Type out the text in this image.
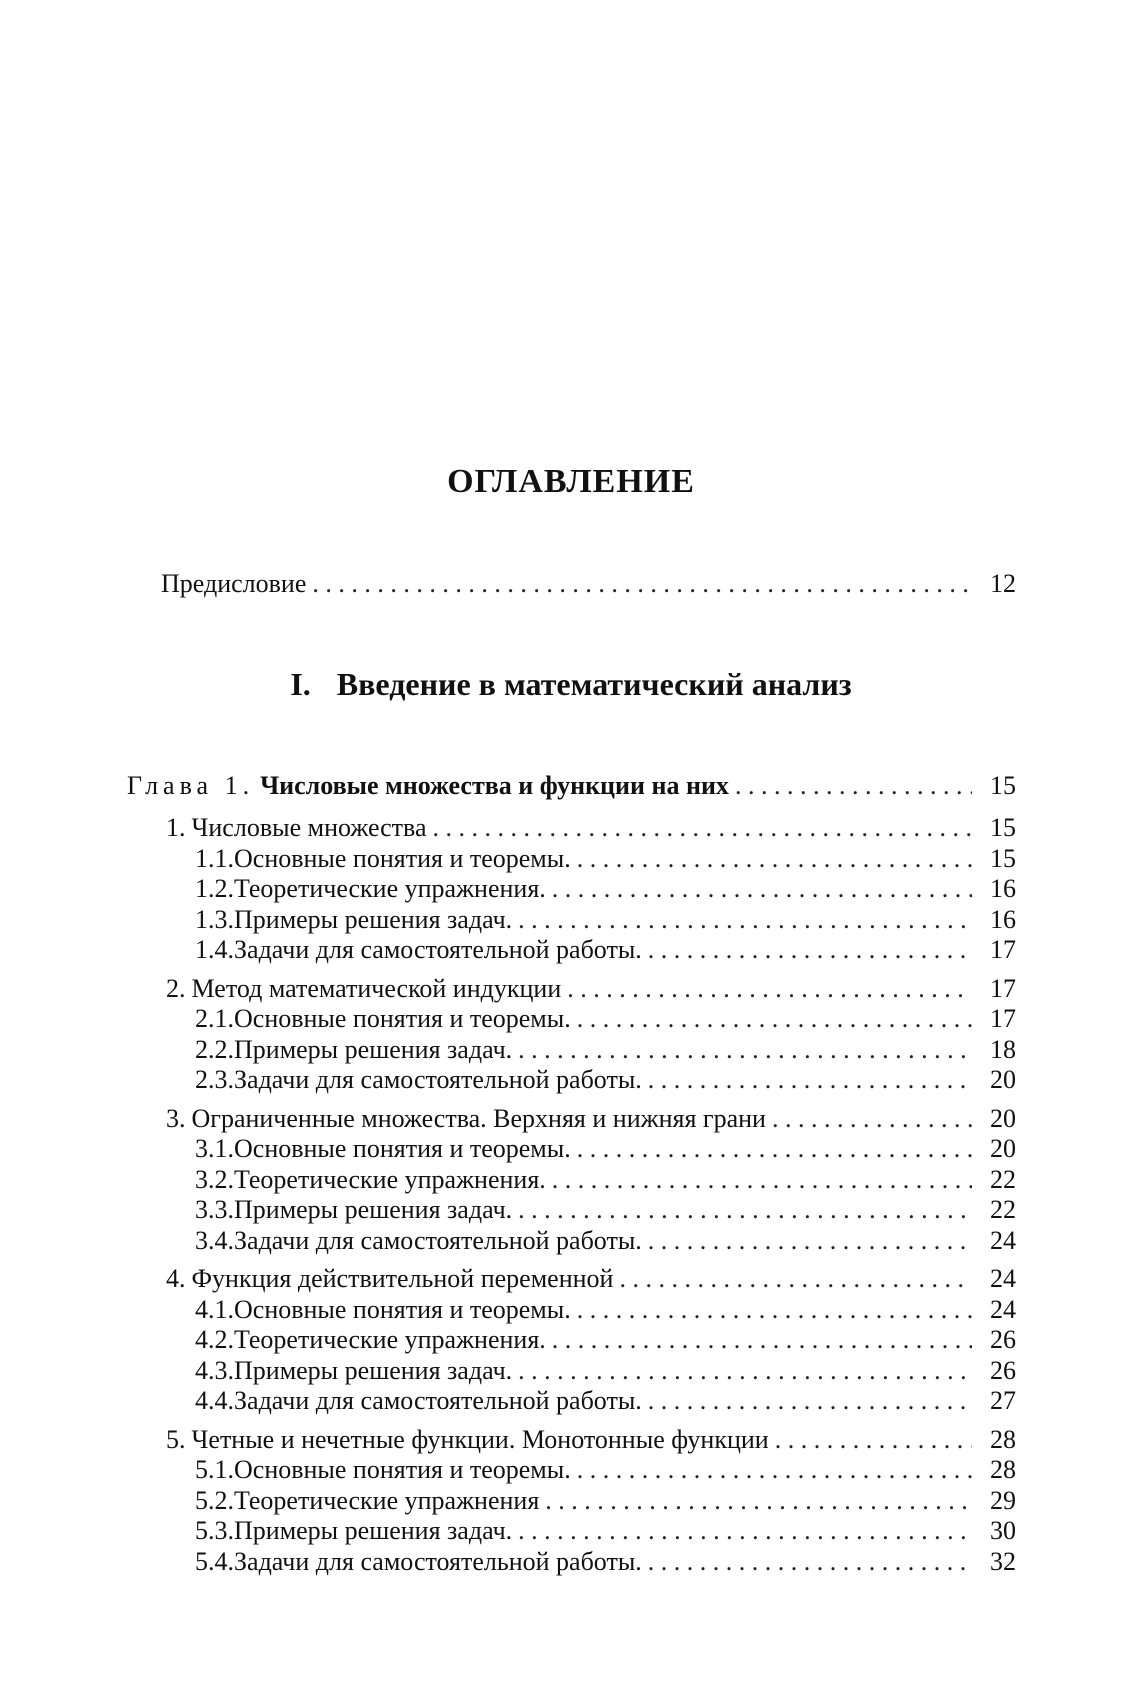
ОГЛАВЛЕНИЕ
Предисловие . . .	12
I. Введение в математический анализ
Глава 1. Числовые множества и функции на них . . .	15
1. Числовые множества . . .	15
1.1. Основные понятия и теоремы. . . .	15
1.2. Теоретические упражнения. . . .	16
1.3. Примеры решения задач. . . .	16
1.4. Задачи для самостоятельной работы. . . .	17
2. Метод математической индукции . . .	17
2.1. Основные понятия и теоремы. . . .	17
2.2. Примеры решения задач. . . .	18
2.3. Задачи для самостоятельной работы. . . .	20
3. Ограниченные множества. Верхняя и нижняя грани . . .	20
3.1. Основные понятия и теоремы. . . .	20
3.2. Теоретические упражнения. . . .	22
3.3. Примеры решения задач. . . .	22
3.4. Задачи для самостоятельной работы. . . .	24
4. Функция действительной переменной . . .	24
4.1. Основные понятия и теоремы. . . .	24
4.2. Теоретические упражнения. . . .	26
4.3. Примеры решения задач. . . .	26
4.4. Задачи для самостоятельной работы. . . .	27
5. Четные и нечетные функции. Монотонные функции . . .	28
5.1. Основные понятия и теоремы. . . .	28
5.2. Теоретические упражнения . . .	29
5.3. Примеры решения задач. . . .	30
5.4. Задачи для самостоятельной работы. . . .	32
